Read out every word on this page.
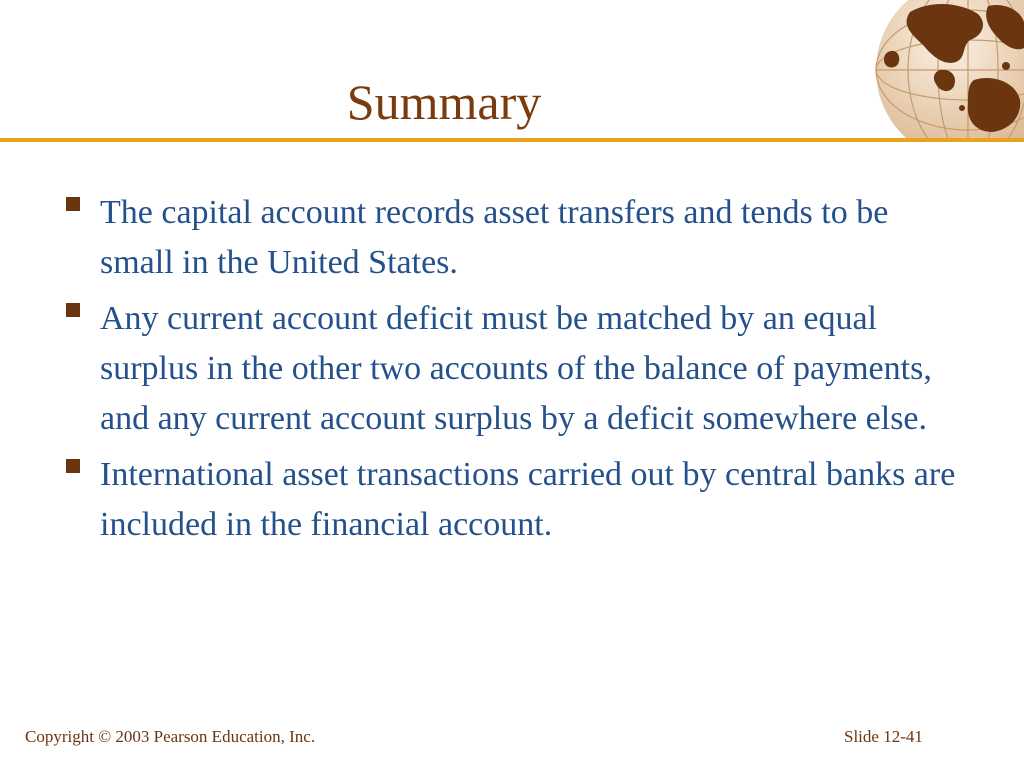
Summary
The capital account records asset transfers and tends to be small in the United States.
Any current account deficit must be matched by an equal surplus in the other two accounts of the balance of payments, and any current account surplus by a deficit somewhere else.
International asset transactions carried out by central banks are included in the financial account.
Copyright © 2003 Pearson Education, Inc.	Slide 12-41
